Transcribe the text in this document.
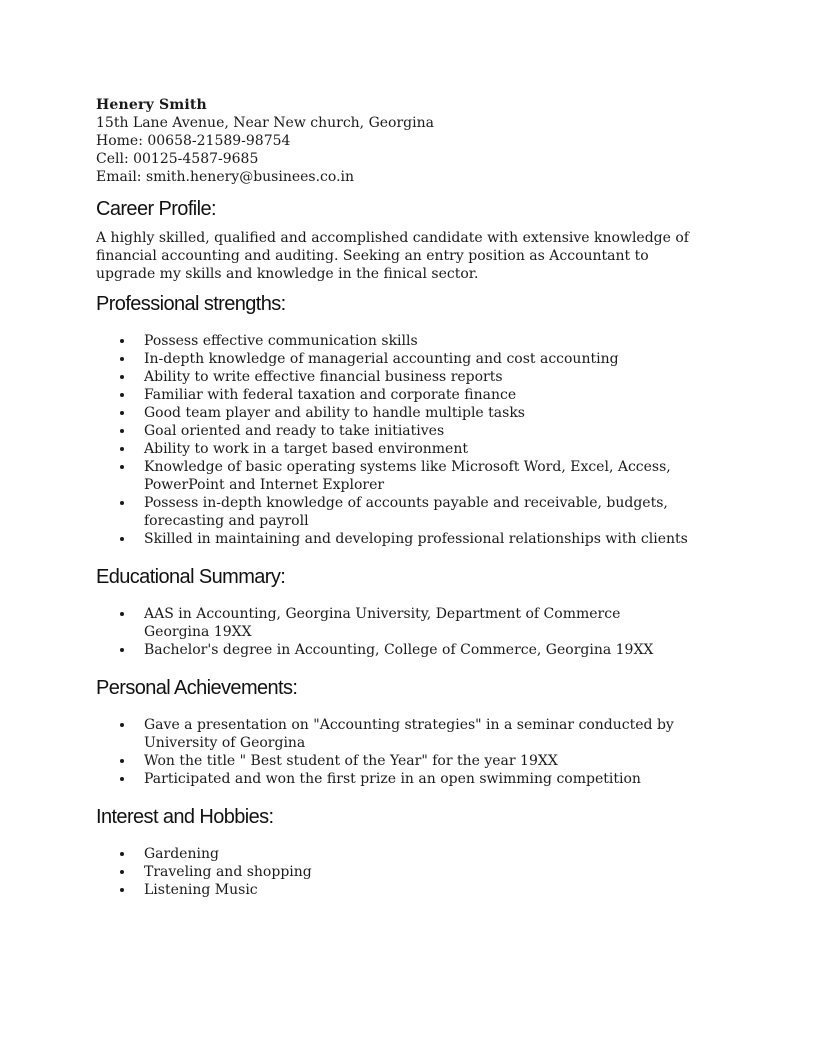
Henery Smith
15th Lane Avenue, Near New church, Georgina
Home: 00658-21589-98754
Cell: 00125-4587-9685
Email: smith.henery@businees.co.in
Career Profile:
A highly skilled, qualified and accomplished candidate with extensive knowledge of financial accounting and auditing. Seeking an entry position as Accountant to upgrade my skills and knowledge in the finical sector.
Professional strengths:
Possess effective communication skills
In-depth knowledge of managerial accounting and cost accounting
Ability to write effective financial business reports
Familiar with federal taxation and corporate finance
Good team player and ability to handle multiple tasks
Goal oriented and ready to take initiatives
Ability to work in a target based environment
Knowledge of basic operating systems like Microsoft Word, Excel, Access, PowerPoint and Internet Explorer
Possess in-depth knowledge of accounts payable and receivable, budgets, forecasting and payroll
Skilled in maintaining and developing professional relationships with clients
Educational Summary:
AAS in Accounting, Georgina University, Department of Commerce Georgina 19XX
Bachelor's degree in Accounting, College of Commerce, Georgina 19XX
Personal Achievements:
Gave a presentation on "Accounting strategies" in a seminar conducted by University of Georgina
Won the title " Best student of the Year" for the year 19XX
Participated and won the first prize in an open swimming competition
Interest and Hobbies:
Gardening
Traveling and shopping
Listening Music
